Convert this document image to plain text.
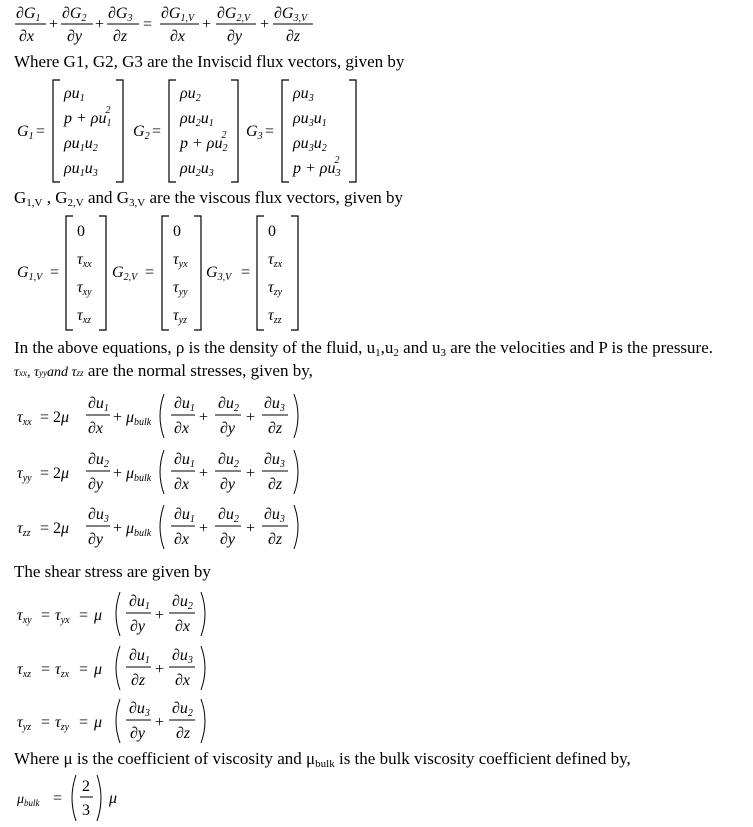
∂G1
∂x
+
∂G2
∂y
+
∂G3
∂z
=
∂G1,V
∂x
+
∂G2,V
∂y
+
∂G3,V
∂z
Where G1, G2, G3 are the Inviscid flux vectors, given by
G1 =
ρu1
p + ρu12
ρu1u2
ρu1u3
G2 =
ρu2
ρu2u1
p + ρu22
ρu2u3
G3 =
ρu3
ρu3u1
ρu3u2
p + ρu32
G1,V , G2,V and G3,V are the viscous flux vectors, given by
G1,V =
0
τxx
τxy
τxz
G2,V =
0
τyx
τyy
τyz
G3,V =
0
τzx
τzy
τzz
In the above equations, ρ is the density of the fluid, u1,u2 and u3 are the velocities and P is the pressure.
τxx, τyyand τzz are the normal stresses, given by,
τxx = 2μ
∂u1
∂x
+ μbulk
∂u1
∂x
+
∂u2
∂y
+
∂u3
∂z
τyy = 2μ
∂u2
∂y
+ μbulk
∂u1
∂x
+
∂u2
∂y
+
∂u3
∂z
τzz = 2μ
∂u3
∂y
+ μbulk
∂u1
∂x
+
∂u2
∂y
+
∂u3
∂z
The shear stress are given by
τxy = τyx = μ
∂u1
∂y
+
∂u2
∂x
τxz = τzx = μ
∂u1
∂z
+
∂u3
∂x
τyz = τzy = μ
∂u3
∂y
+
∂u2
∂z
Where μ is the coefficient of viscosity and μbulk is the bulk viscosity coefficient defined by,
$\mu_{bulk}$ =
2
3
μ
